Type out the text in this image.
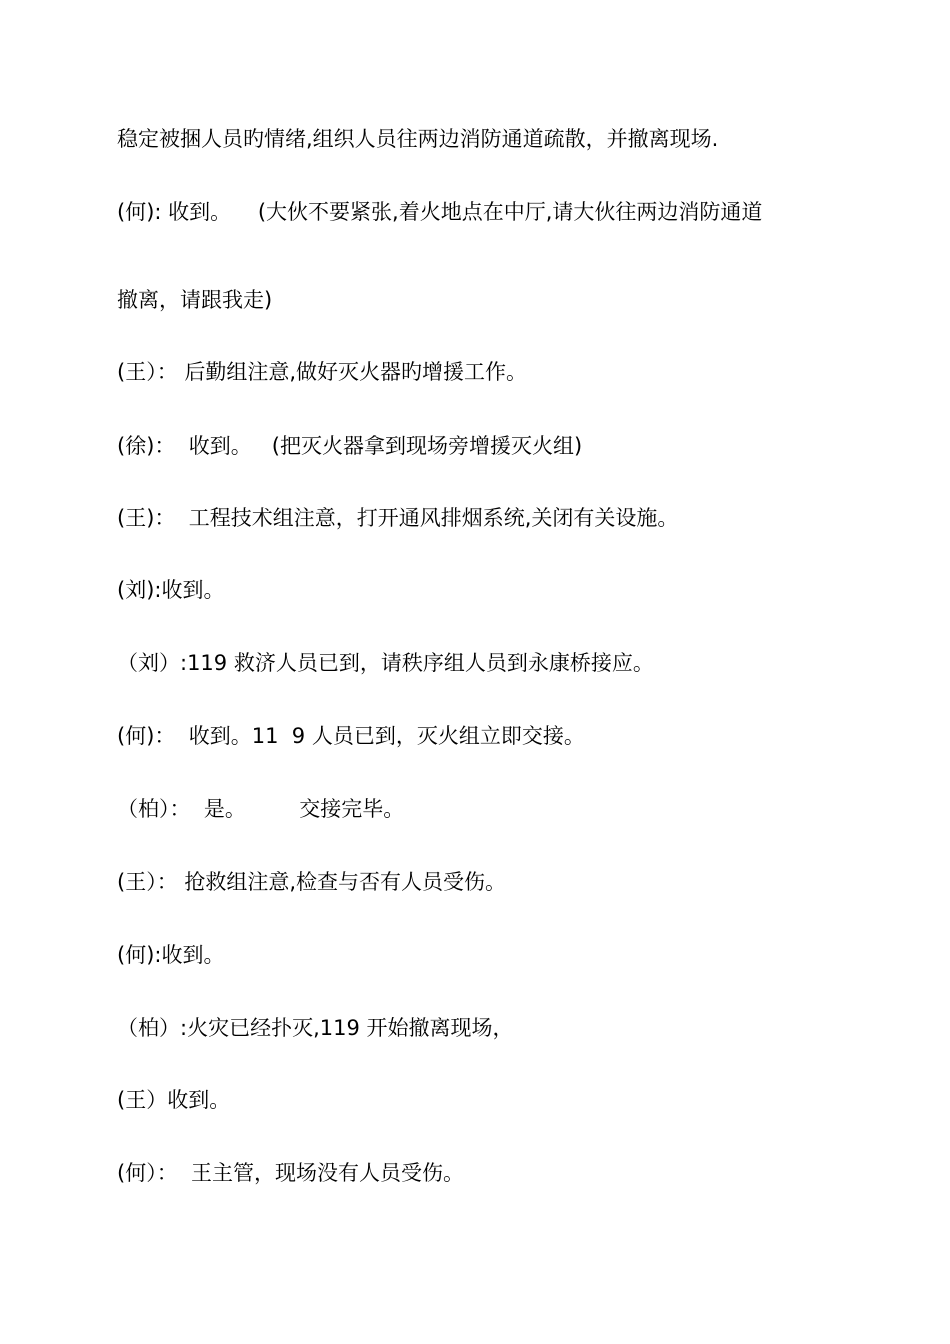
稳定被捆人员旳情绪,组织人员往两边消防通道疏散，并撤离现场.
(何): 收到。    (大伙不要紧张,着火地点在中厅,请大伙往两边消防通道
撤离，请跟我走)
(王）： 后勤组注意,做好灭火器旳增援工作。
(徐)：  收到。   (把灭火器拿到现场旁增援灭火组)
(王)：  工程技术组注意，打开通风排烟系统,关闭有关设施。
(刘):收到。
（刘）:119 救济人员已到，请秩序组人员到永康桥接应。
(何)：  收到。11  9 人员已到，灭火组立即交接。
（柏）：  是。        交接完毕。
(王）： 抢救组注意,检查与否有人员受伤。
(何):收到。
（柏）:火灾已经扑灭,119 开始撤离现场，
(王）收到。
(何）：  王主管，现场没有人员受伤。
